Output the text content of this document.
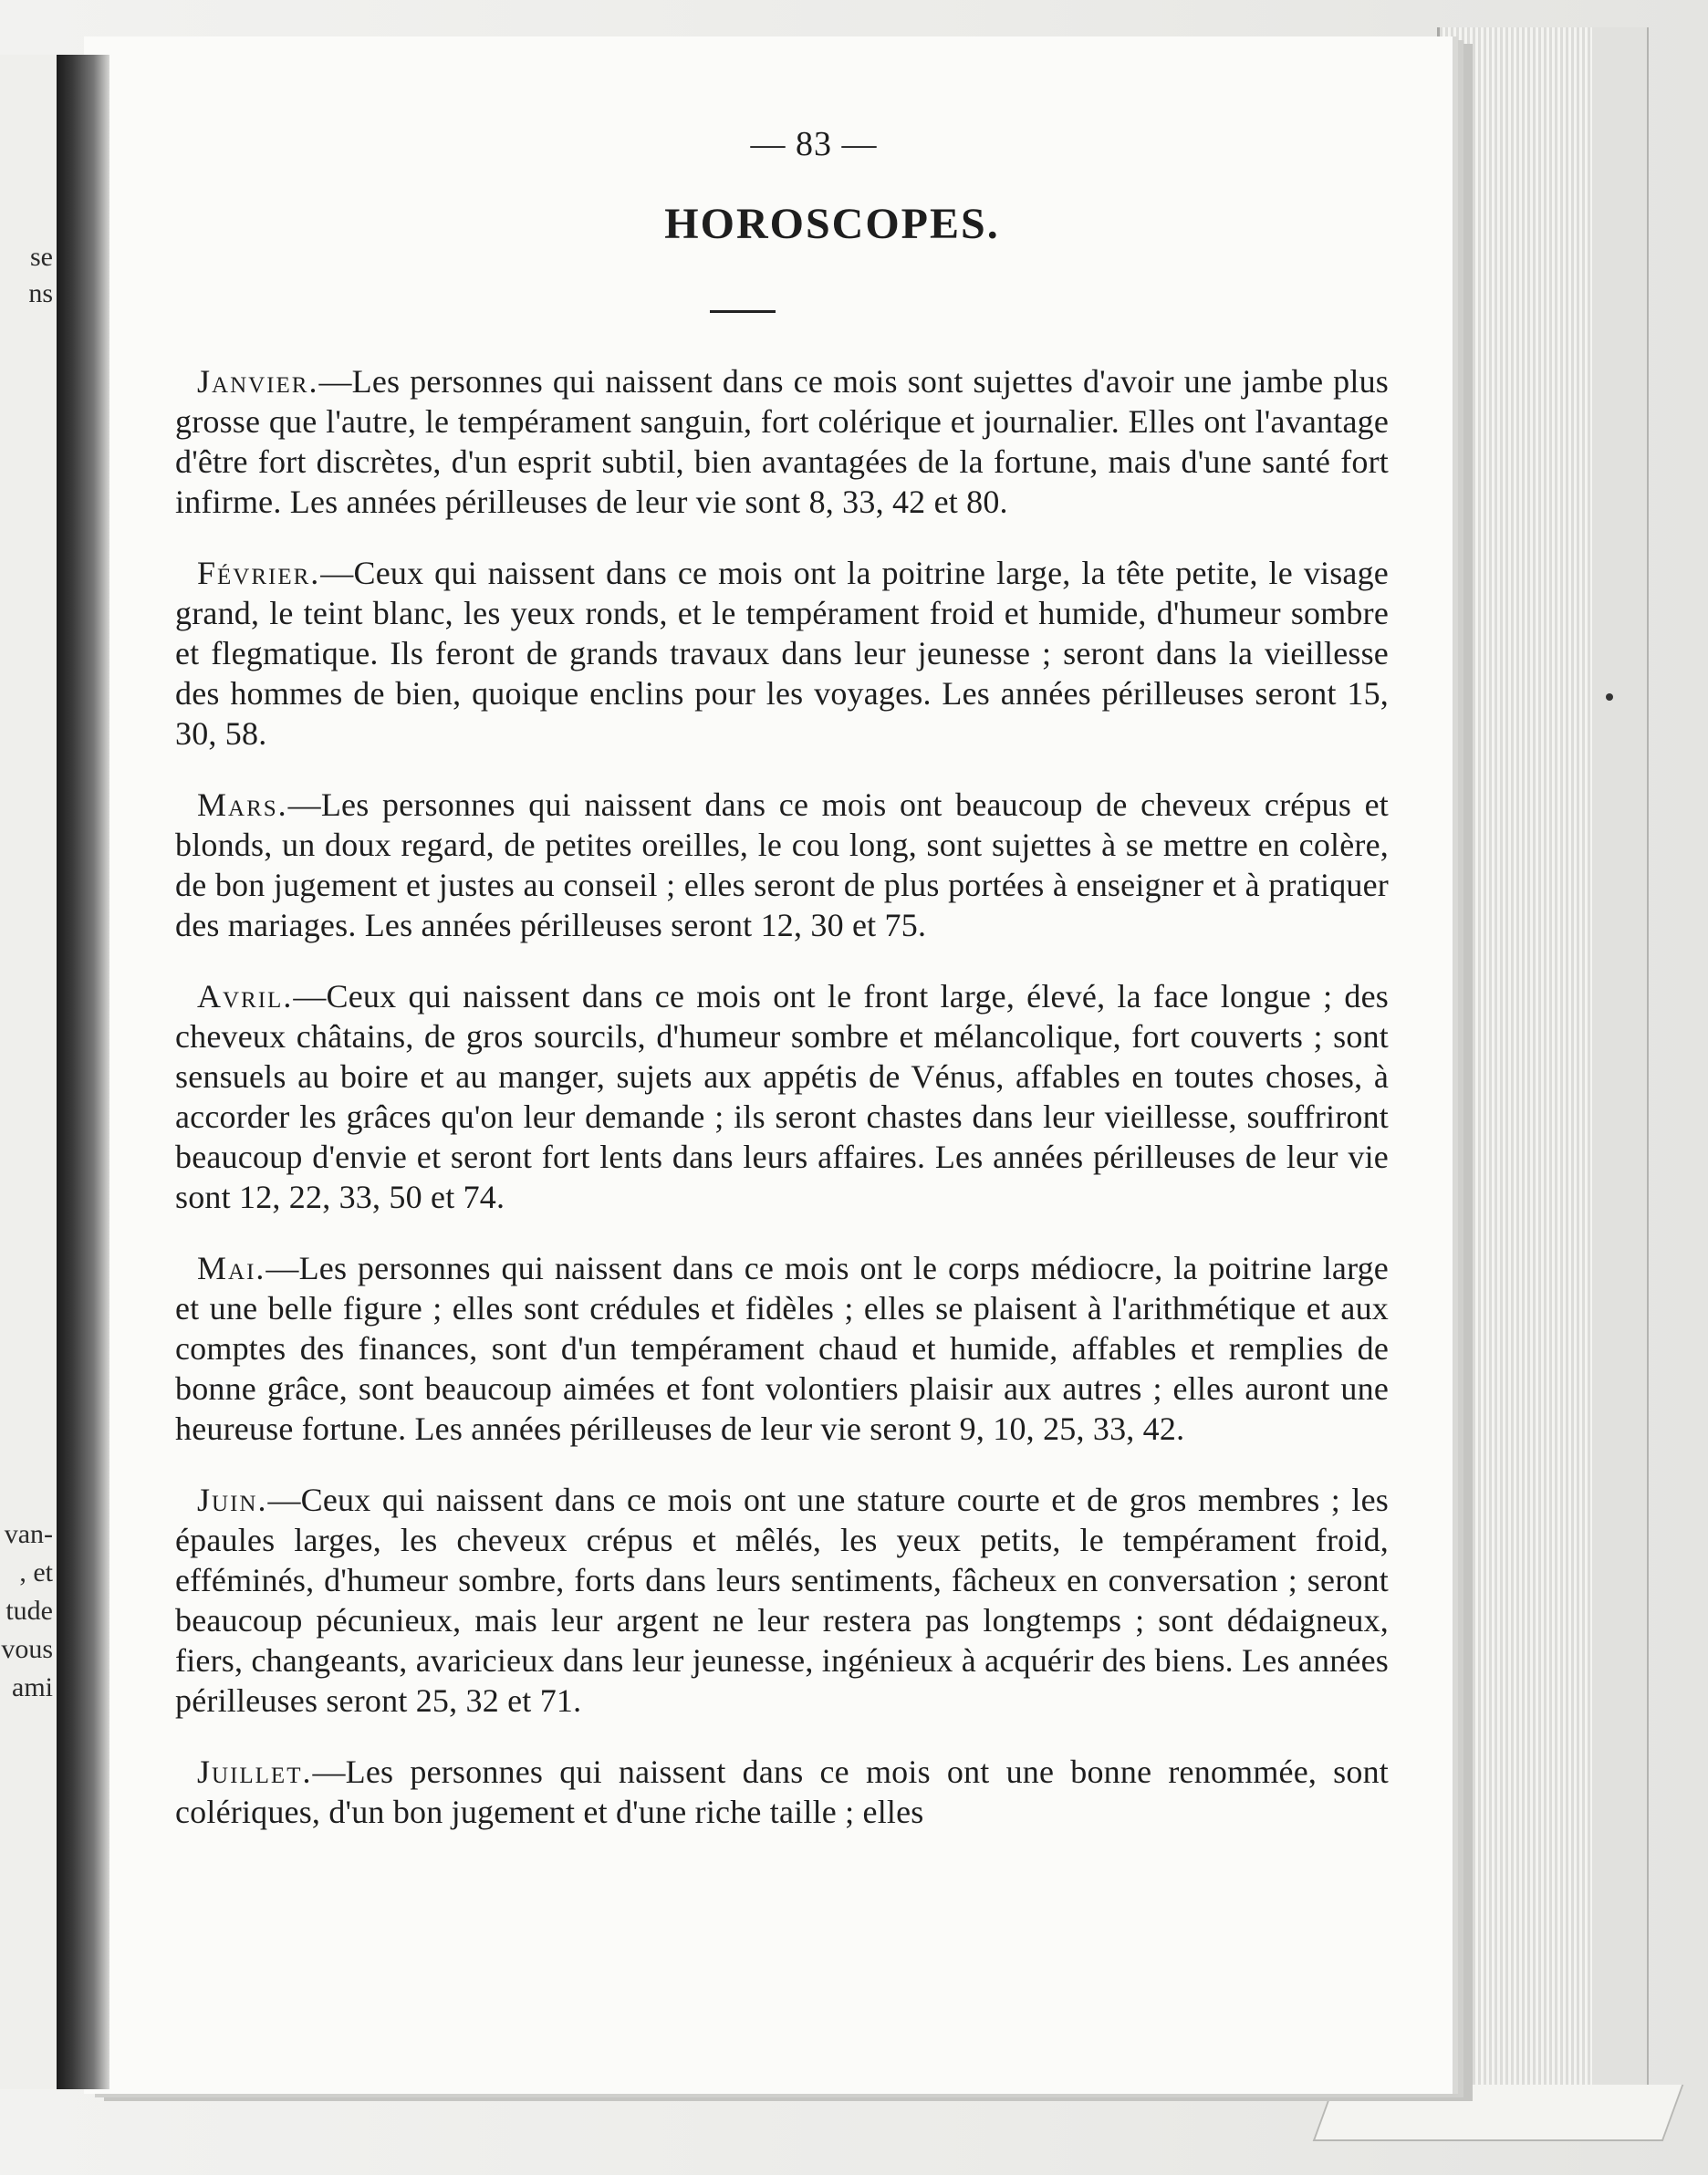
se
ns
van-
, et
tude
vous
ami
— 83 —
HOROSCOPES.

Janvier.—Les personnes qui naissent dans ce mois sont sujettes d'avoir une jambe plus grosse que l'autre, le tempérament sanguin, fort colérique et journalier. Elles ont l'avantage d'être fort discrètes, d'un esprit subtil, bien avantagées de la fortune, mais d'une santé fort infirme. Les années périlleuses de leur vie sont 8, 33, 42 et 80.

Février.—Ceux qui naissent dans ce mois ont la poitrine large, la tête petite, le visage grand, le teint blanc, les yeux ronds, et le tempérament froid et humide, d'humeur sombre et flegmatique. Ils feront de grands travaux dans leur jeunesse ; seront dans la vieillesse des hommes de bien, quoique enclins pour les voyages. Les années périlleuses seront 15, 30, 58.

Mars.—Les personnes qui naissent dans ce mois ont beaucoup de cheveux crépus et blonds, un doux regard, de petites oreilles, le cou long, sont sujettes à se mettre en colère, de bon jugement et justes au conseil ; elles seront de plus portées à enseigner et à pratiquer des mariages. Les années périlleuses seront 12, 30 et 75.

Avril.—Ceux qui naissent dans ce mois ont le front large, élevé, la face longue ; des cheveux châtains, de gros sourcils, d'humeur sombre et mélancolique, fort couverts ; sont sensuels au boire et au manger, sujets aux appétis de Vénus, affables en toutes choses, à accorder les grâces qu'on leur demande ; ils seront chastes dans leur vieillesse, souffriront beaucoup d'envie et seront fort lents dans leurs affaires. Les années périlleuses de leur vie sont 12, 22, 33, 50 et 74.

Mai.—Les personnes qui naissent dans ce mois ont le corps médiocre, la poitrine large et une belle figure ; elles sont crédules et fidèles ; elles se plaisent à l'arithmétique et aux comptes des finances, sont d'un tempérament chaud et humide, affables et remplies de bonne grâce, sont beaucoup aimées et font volontiers plaisir aux autres ; elles auront une heureuse fortune. Les années périlleuses de leur vie seront 9, 10, 25, 33, 42.

Juin.—Ceux qui naissent dans ce mois ont une stature courte et de gros membres ; les épaules larges, les cheveux crépus et mêlés, les yeux petits, le tempérament froid, efféminés, d'humeur sombre, forts dans leurs sentiments, fâcheux en conversation ; seront beaucoup pécunieux, mais leur argent ne leur restera pas longtemps ; sont dédaigneux, fiers, changeants, avaricieux dans leur jeunesse, ingénieux à acquérir des biens. Les années périlleuses seront 25, 32 et 71.

Juillet.—Les personnes qui naissent dans ce mois ont une bonne renommée, sont colériques, d'un bon jugement et d'une riche taille ; elles
